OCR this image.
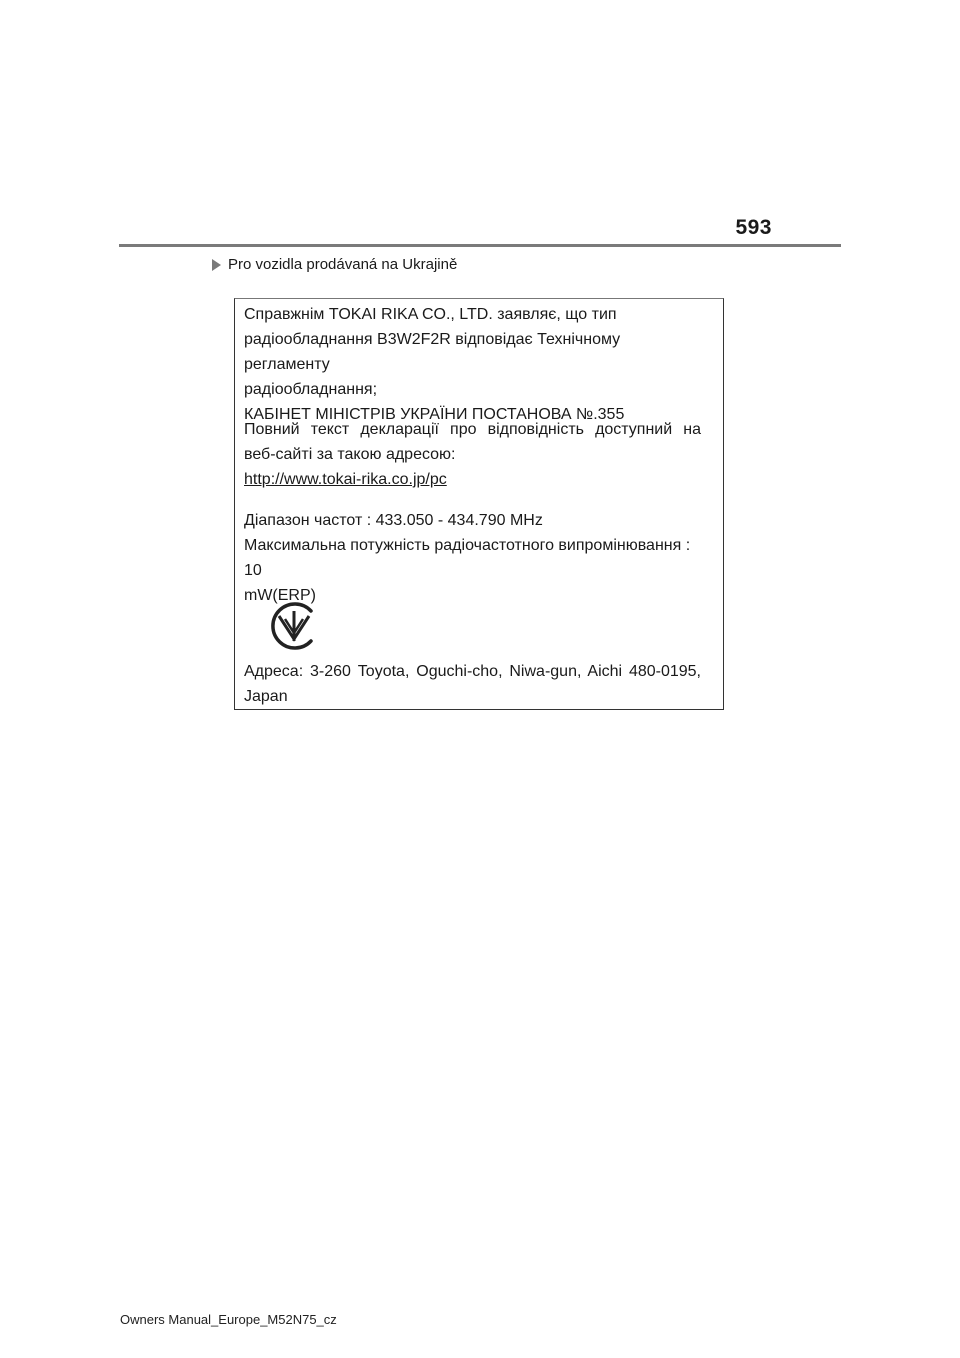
593
Pro vozidla prodávaná na Ukrajině
Справжнім TOKAI RIKA CO., LTD. заявляє, що тип
радіообладнання B3W2F2R відповідає Технічному регламенту
радіообладнання;
КАБІНЕТ МІНІСТРІВ УКРАЇНИ ПОСТАНОВА №.355
Повний текст декларації про відповідність доступний на
веб-сайті за такою адресою:
http://www.tokai-rika.co.jp/pc
Діапазон частот : 433.050 - 434.790 MHz
Максимальна потужність радіочастотного випромінювання : 10
mW(ERP)
Адреса: 3-260 Toyota, Oguchi-cho, Niwa-gun, Aichi 480-0195,
Japan
Owners Manual_Europe_M52N75_cz
